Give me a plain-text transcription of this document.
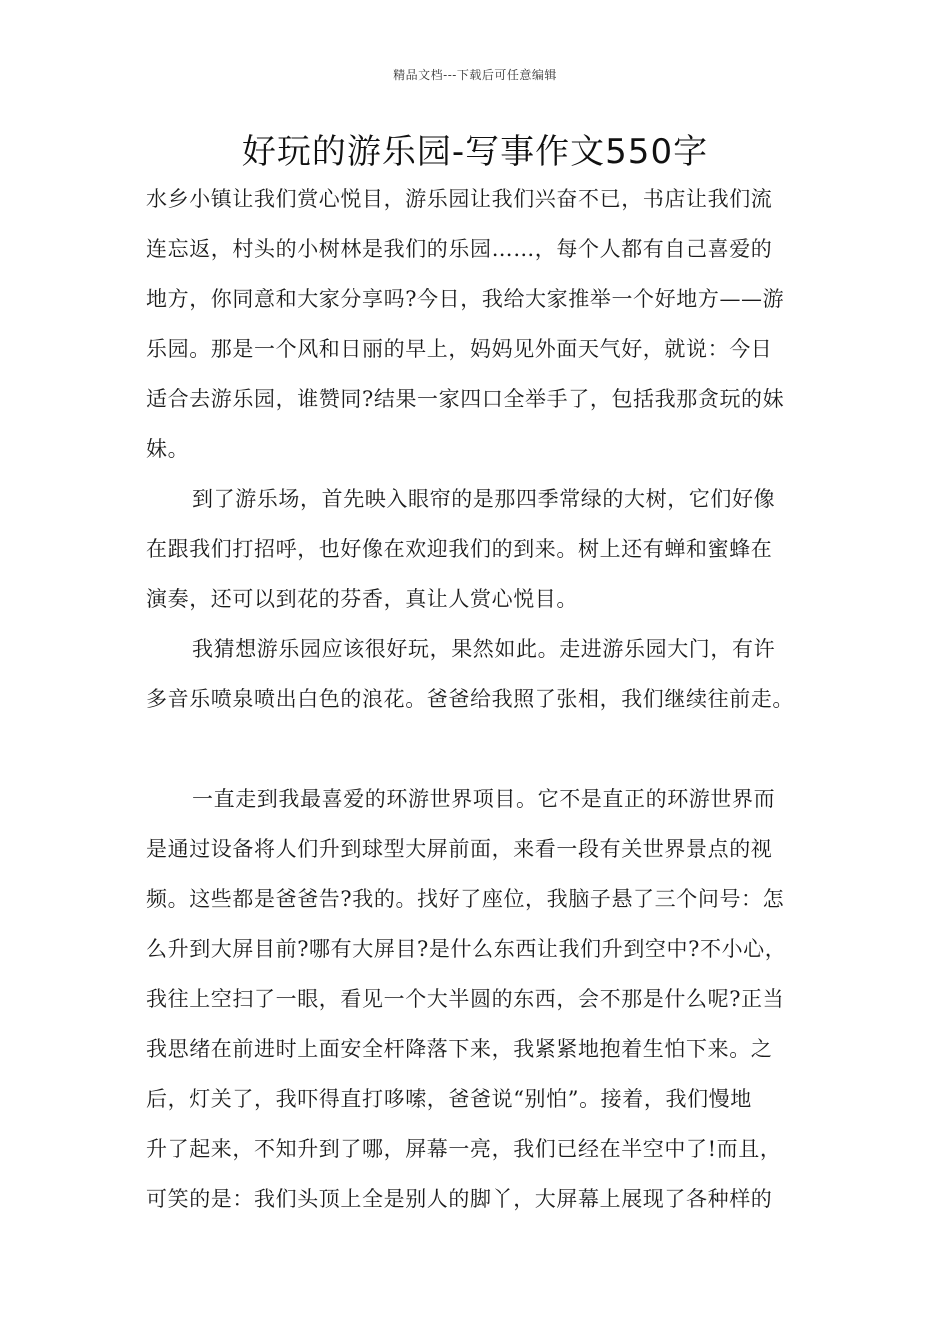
精品文档---下载后可任意编辑
好玩的游乐园-写事作文550字
水乡小镇让我们赏心悦目，游乐园让我们兴奋不已，书店让我们流
连忘返，村头的小树林是我们的乐园……，每个人都有自己喜爱的
地方，你同意和大家分享吗?今日，我给大家推举一个好地方——游
乐园。那是一个风和日丽的早上，妈妈见外面天气好，就说：今日
适合去游乐园，谁赞同?结果一家四口全举手了，包括我那贪玩的妹
妹。
到了游乐场，首先映入眼帘的是那四季常绿的大树，它们好像
在跟我们打招呼，也好像在欢迎我们的到来。树上还有蝉和蜜蜂在
演奏，还可以到花的芬香，真让人赏心悦目。
我猜想游乐园应该很好玩，果然如此。走进游乐园大门，有许
多音乐喷泉喷出白色的浪花。爸爸给我照了张相，我们继续往前走。
一直走到我最喜爱的环游世界项目。它不是直正的环游世界而
是通过设备将人们升到球型大屏前面，来看一段有关世界景点的视
频。这些都是爸爸告?我的。找好了座位，我脑子悬了三个问号：怎
么升到大屏目前?哪有大屏目?是什么东西让我们升到空中?不小心，
我往上空扫了一眼，看见一个大半圆的东西，会不那是什么呢?正当
我思绪在前进时上面安全杆降落下来，我紧紧地抱着生怕下来。之
后，灯关了，我吓得直打哆嗦，爸爸说“别怕”。接着，我们慢地
升了起来，不知升到了哪，屏幕一亮，我们已经在半空中了!而且，
可笑的是：我们头顶上全是别人的脚丫，大屏幕上展现了各种样的
